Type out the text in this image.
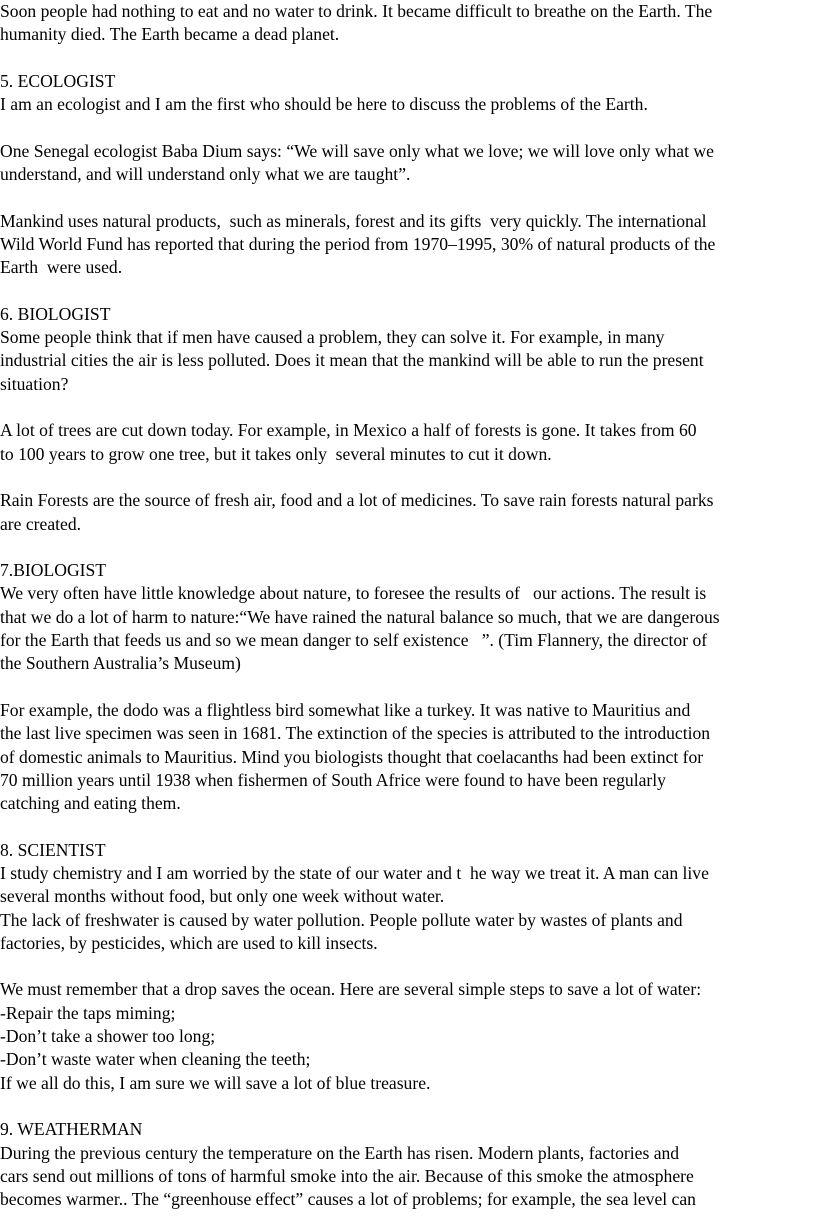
Soon people had nothing to eat and no water to drink. It became difficult to breathe on the Earth. The
humanity died. The Earth became a dead planet.
5. ECOLOGIST
I am an ecologist and I am the first who should be here to discuss the problems of the Earth.
One Senegal ecologist Baba Dium says: “We will save only what we love; we will love only what we
understand, and will understand only what we are taught”.
Mankind uses natural products,  such as minerals, forest and its gifts  very quickly. The international
Wild World Fund has reported that during the period from 1970–1995, 30% of natural products of the
Earth  were used.
6. BIOLOGIST
Some people think that if men have caused a problem, they can solve it. For example, in many
industrial cities the air is less polluted. Does it mean that the mankind will be able to run the present
situation?
A lot of trees are cut down today. For example, in Mexico a half of forests is gone. It takes from 60
to 100 years to grow one tree, but it takes only  several minutes to cut it down.
Rain Forests are the source of fresh air, food and a lot of medicines. To save rain forests natural parks
are created.
7.BIOLOGIST
We very often have little knowledge about nature, to foresee the results of   our actions. The result is
that we do a lot of harm to nature:“We have rained the natural balance so much, that we are dangerous
for the Earth that feeds us and so we mean danger to self existence   ”. (Tim Flannery, the director of
the Southern Australia’s Museum)
For example, the dodo was a flightless bird somewhat like a turkey. It was native to Mauritius and
the last live specimen was seen in 1681. The extinction of the species is attributed to the introduction
of domestic animals to Mauritius. Mind you biologists thought that coelacanths had been extinct for
70 million years until 1938 when fishermen of South Africe were found to have been regularly
catching and eating them.
8. SCIENTIST
I study chemistry and I am worried by the state of our water and t  he way we treat it. A man can live
several months without food, but only one week without water.
The lack of freshwater is caused by water pollution. People pollute water by wastes of plants and
factories, by pesticides, which are used to kill insects.
We must remember that a drop saves the ocean. Here are several simple steps to save a lot of water:
-Repair the taps miming;
-Don’t take a shower too long;
-Don’t waste water when cleaning the teeth;
If we all do this, I am sure we will save a lot of blue treasure.
9. WEATHERMAN
During the previous century the temperature on the Earth has risen. Modern plants, factories and
cars send out millions of tons of harmful smoke into the air. Because of this smoke the atmosphere
becomes warmer.. The “greenhouse effect” causes a lot of problems; for example, the sea level can
